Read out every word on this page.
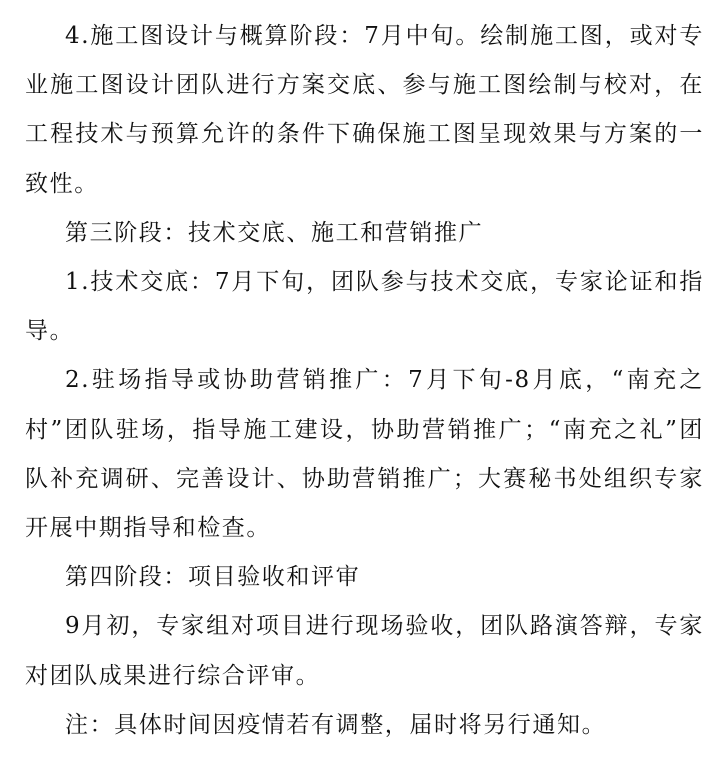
4.施工图设计与概算阶段：7月中旬。绘制施工图，或对专业施工图设计团队进行方案交底、参与施工图绘制与校对，在工程技术与预算允许的条件下确保施工图呈现效果与方案的一致性。

第三阶段：技术交底、施工和营销推广

1.技术交底：7月下旬，团队参与技术交底，专家论证和指导。

2.驻场指导或协助营销推广：7月下旬-8月底，“南充之村”团队驻场，指导施工建设，协助营销推广；“南充之礼”团队补充调研、完善设计、协助营销推广；大赛秘书处组织专家开展中期指导和检查。

第四阶段：项目验收和评审

9月初，专家组对项目进行现场验收，团队路演答辩，专家对团队成果进行综合评审。

注：具体时间因疫情若有调整，届时将另行通知。
